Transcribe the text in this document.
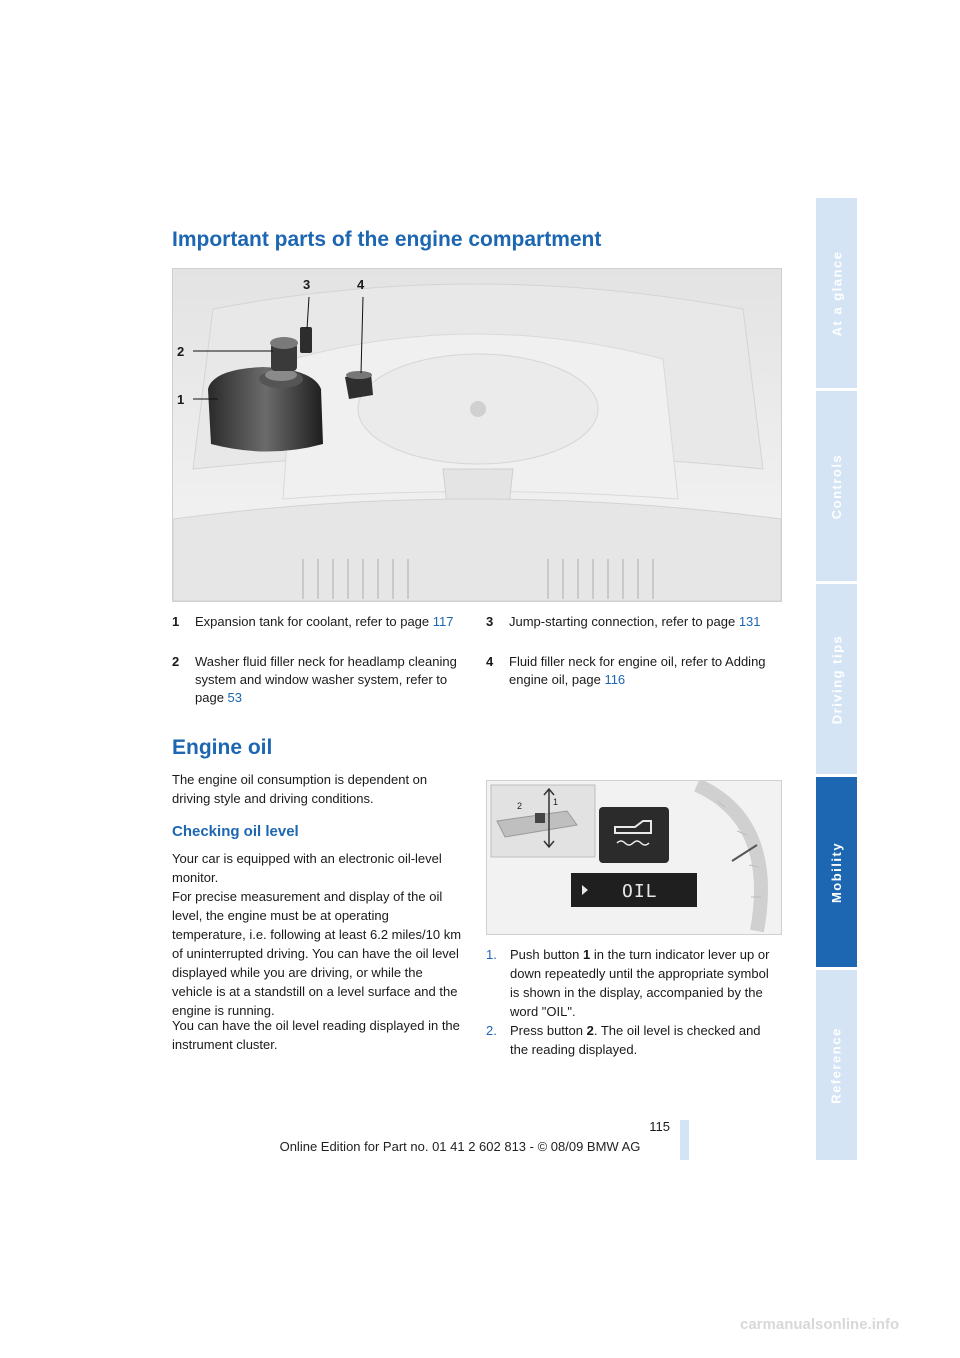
At a glance
Controls
Driving tips
Mobility
Reference
Important parts of the engine compartment
1
2
3	4
1 Expansion tank for coolant, refer to page 117
2 Washer fluid filler neck for headlamp cleaning system and window washer system, refer to page 53
3 Jump-starting connection, refer to page 131
4 Fluid filler neck for engine oil, refer to Adding engine oil, page 116
Engine oil

The engine oil consumption is dependent on driving style and driving conditions.

Checking oil level

Your car is equipped with an electronic oil-level monitor.

For precise measurement and display of the oil level, the engine must be at operating temperature, i.e. following at least 6.2 miles/10 km of uninterrupted driving. You can have the oil level displayed while you are driving, or while the vehicle is at a standstill on a level surface and the engine is running.

You can have the oil level reading displayed in the instrument cluster.

2	1
OIL
1. Push button 1 in the turn indicator lever up or down repeatedly until the appropriate symbol is shown in the display, accompanied by the word "OIL".
2. Press button 2. The oil level is checked and the reading displayed.
115
Online Edition for Part no. 01 41 2 602 813 - © 08/09 BMW AG
carmanualsonline.info
